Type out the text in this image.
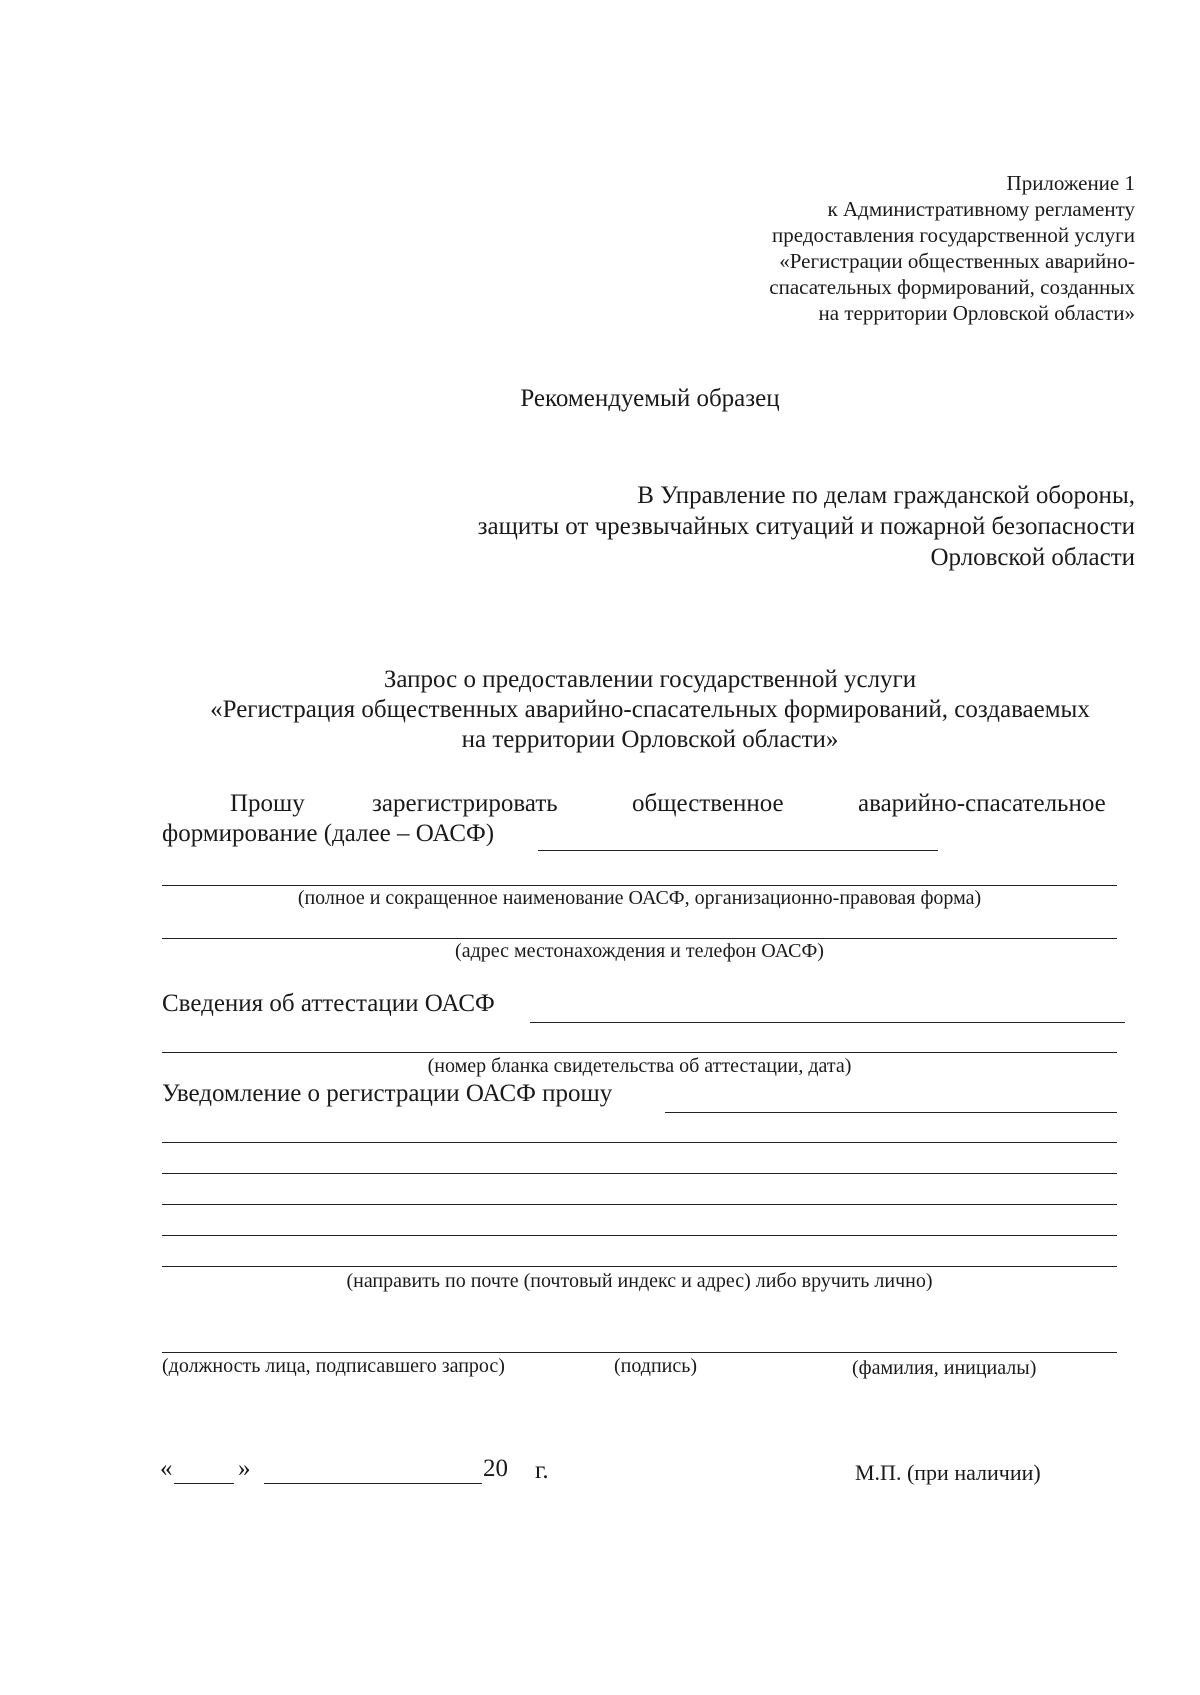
Приложение 1
к Административному регламенту
предоставления государственной услуги
«Регистрации общественных аварийно-
спасательных формирований, созданных
на территории Орловской области»
Рекомендуемый образец
В Управление по делам гражданской обороны,
защиты от чрезвычайных ситуаций и пожарной безопасности
Орловской области
Запрос о предоставлении государственной услуги
«Регистрация общественных аварийно-спасательных формирований, создаваемых
на территории Орловской области»
Прошу	зарегистрировать	общественное	аварийно-спасательное
формирование (далее – ОАСФ)
(полное и сокращенное наименование ОАСФ, организационно-правовая форма)
(адрес местонахождения и телефон ОАСФ)
Сведения об аттестации ОАСФ
(номер бланка свидетельства об аттестации, дата)
Уведомление о регистрации ОАСФ прошу
(направить по почте (почтовый индекс и адрес) либо вручить лично)
(должность лица, подписавшего запрос)	(подпись)	(фамилия, инициалы)
«	»	20 г.	М.П. (при наличии)
